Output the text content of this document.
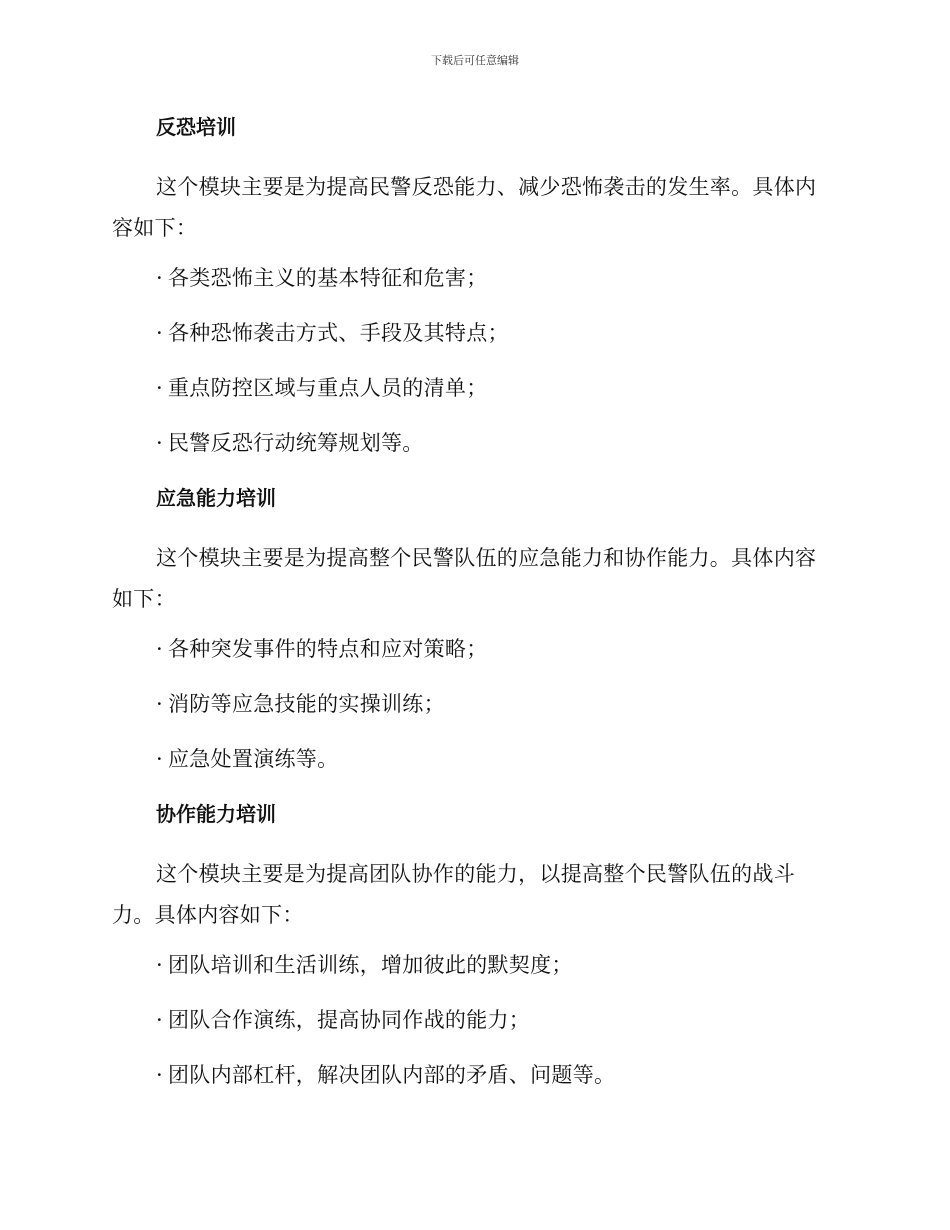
下载后可任意编辑
反恐培训
这个模块主要是为提高民警反恐能力、减少恐怖袭击的发生率。具体内容如下：
· 各类恐怖主义的基本特征和危害；
· 各种恐怖袭击方式、手段及其特点；
· 重点防控区域与重点人员的清单；
· 民警反恐行动统筹规划等。
应急能力培训
这个模块主要是为提高整个民警队伍的应急能力和协作能力。具体内容如下：
· 各种突发事件的特点和应对策略；
· 消防等应急技能的实操训练；
· 应急处置演练等。
协作能力培训
这个模块主要是为提高团队协作的能力，以提高整个民警队伍的战斗力。具体内容如下：
· 团队培训和生活训练，增加彼此的默契度；
· 团队合作演练，提高协同作战的能力；
· 团队内部杠杆，解决团队内部的矛盾、问题等。
